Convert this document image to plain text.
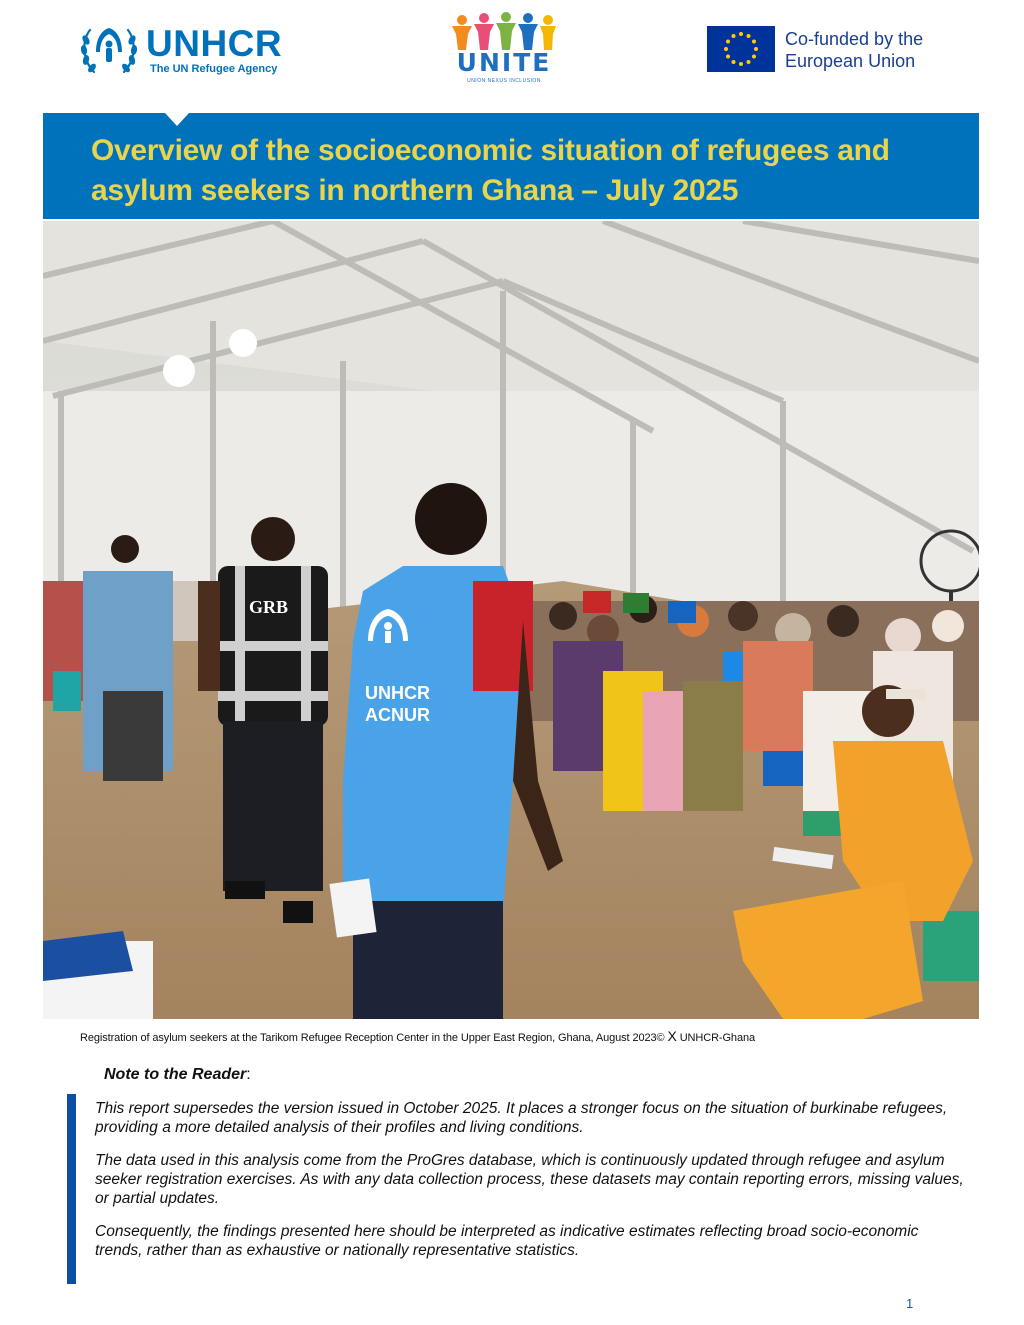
UNHCR
The UN Refugee Agency	UNITE
UNION NEXUS INCLUSION
Co-funded by the
European Union
Overview of the socioeconomic situation of refugees and asylum seekers in northern Ghana – July 2025
GRB
UNHCR
ACNUR
Registration of asylum seekers at the Tarikom Refugee Reception Center in the Upper East Region, Ghana, August 2023© X UNHCR-Ghana
Note to the Reader:

This report supersedes the version issued in October 2025. It places a stronger focus on the situation of burkinabe refugees, providing a more detailed analysis of their profiles and living conditions.

The data used in this analysis come from the ProGres database, which is continuously updated through refugee and asylum seeker registration exercises. As with any data collection process, these datasets may contain reporting errors, missing values, or partial updates.

Consequently, the findings presented here should be interpreted as indicative estimates reflecting broad socio-economic trends, rather than as exhaustive or nationally representative statistics.

1
